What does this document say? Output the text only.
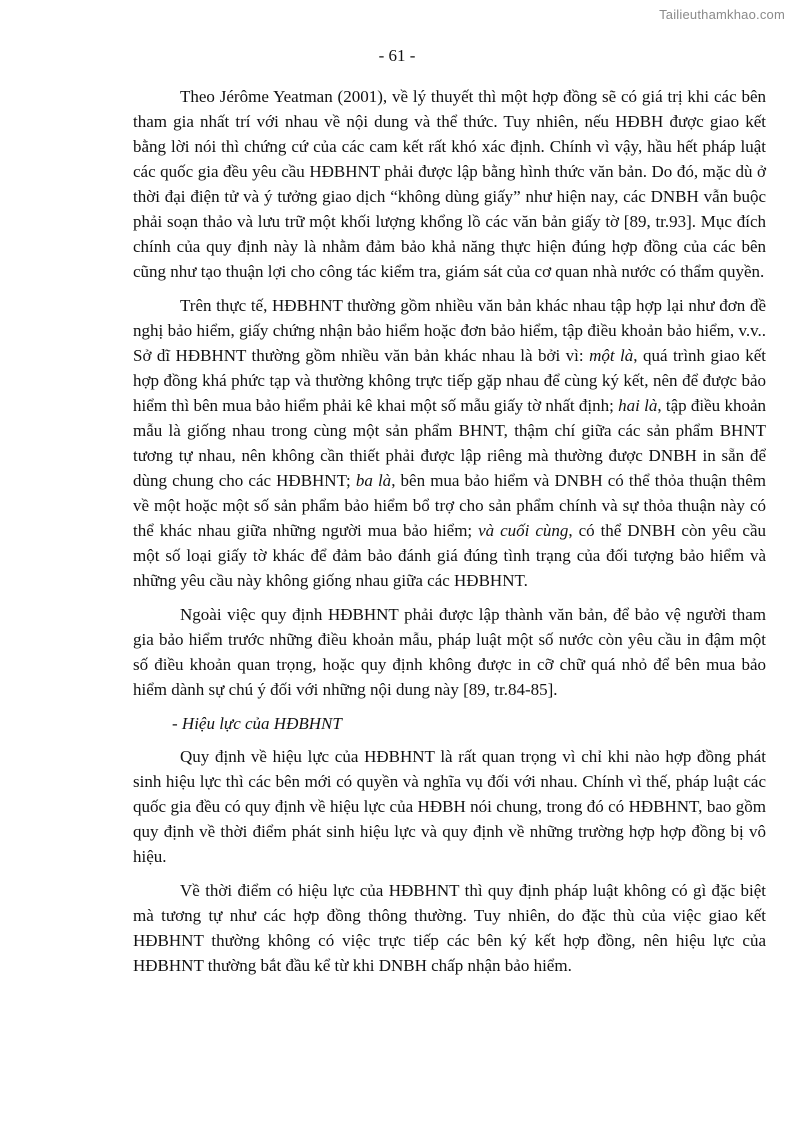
Tailieuthamkhao.com
- 61 -

Theo Jérôme Yeatman (2001), về lý thuyết thì một hợp đồng sẽ có giá trị khi các bên tham gia nhất trí với nhau về nội dung và thể thức. Tuy nhiên, nếu HĐBH được giao kết bằng lời nói thì chứng cứ của các cam kết rất khó xác định. Chính vì vậy, hầu hết pháp luật các quốc gia đều yêu cầu HĐBHNT phải được lập bằng hình thức văn bản. Do đó, mặc dù ở thời đại điện tử và ý tưởng giao dịch “không dùng giấy” như hiện nay, các DNBH vẫn buộc phải soạn thảo và lưu trữ một khối lượng khổng lồ các văn bản giấy tờ [89, tr.93]. Mục đích chính của quy định này là nhằm đảm bảo khả năng thực hiện đúng hợp đồng của các bên cũng như tạo thuận lợi cho công tác kiểm tra, giám sát của cơ quan nhà nước có thẩm quyền.

Trên thực tế, HĐBHNT thường gồm nhiều văn bản khác nhau tập hợp lại như đơn đề nghị bảo hiểm, giấy chứng nhận bảo hiểm hoặc đơn bảo hiểm, tập điều khoản bảo hiểm, v.v.. Sở dĩ HĐBHNT thường gồm nhiều văn bản khác nhau là bởi vì: một là, quá trình giao kết hợp đồng khá phức tạp và thường không trực tiếp gặp nhau để cùng ký kết, nên để được bảo hiểm thì bên mua bảo hiểm phải kê khai một số mẫu giấy tờ nhất định; hai là, tập điều khoản mẫu là giống nhau trong cùng một sản phẩm BHNT, thậm chí giữa các sản phẩm BHNT tương tự nhau, nên không cần thiết phải được lập riêng mà thường được DNBH in sẵn để dùng chung cho các HĐBHNT; ba là, bên mua bảo hiểm và DNBH có thể thỏa thuận thêm về một hoặc một số sản phẩm bảo hiểm bổ trợ cho sản phẩm chính và sự thỏa thuận này có thể khác nhau giữa những người mua bảo hiểm; và cuối cùng, có thể DNBH còn yêu cầu một số loại giấy tờ khác để đảm bảo đánh giá đúng tình trạng của đối tượng bảo hiểm và những yêu cầu này không giống nhau giữa các HĐBHNT.

Ngoài việc quy định HĐBHNT phải được lập thành văn bản, để bảo vệ người tham gia bảo hiểm trước những điều khoản mẫu, pháp luật một số nước còn yêu cầu in đậm một số điều khoản quan trọng, hoặc quy định không được in cỡ chữ quá nhỏ để bên mua bảo hiểm dành sự chú ý đối với những nội dung này [89, tr.84-85].

- Hiệu lực của HĐBHNT

Quy định về hiệu lực của HĐBHNT là rất quan trọng vì chỉ khi nào hợp đồng phát sinh hiệu lực thì các bên mới có quyền và nghĩa vụ đối với nhau. Chính vì thế, pháp luật các quốc gia đều có quy định về hiệu lực của HĐBH nói chung, trong đó có HĐBHNT, bao gồm quy định về thời điểm phát sinh hiệu lực và quy định về những trường hợp hợp đồng bị vô hiệu.

Về thời điểm có hiệu lực của HĐBHNT thì quy định pháp luật không có gì đặc biệt mà tương tự như các hợp đồng thông thường. Tuy nhiên, do đặc thù của việc giao kết HĐBHNT thường không có việc trực tiếp các bên ký kết hợp đồng, nên hiệu lực của HĐBHNT thường bắt đầu kể từ khi DNBH chấp nhận bảo hiểm.
